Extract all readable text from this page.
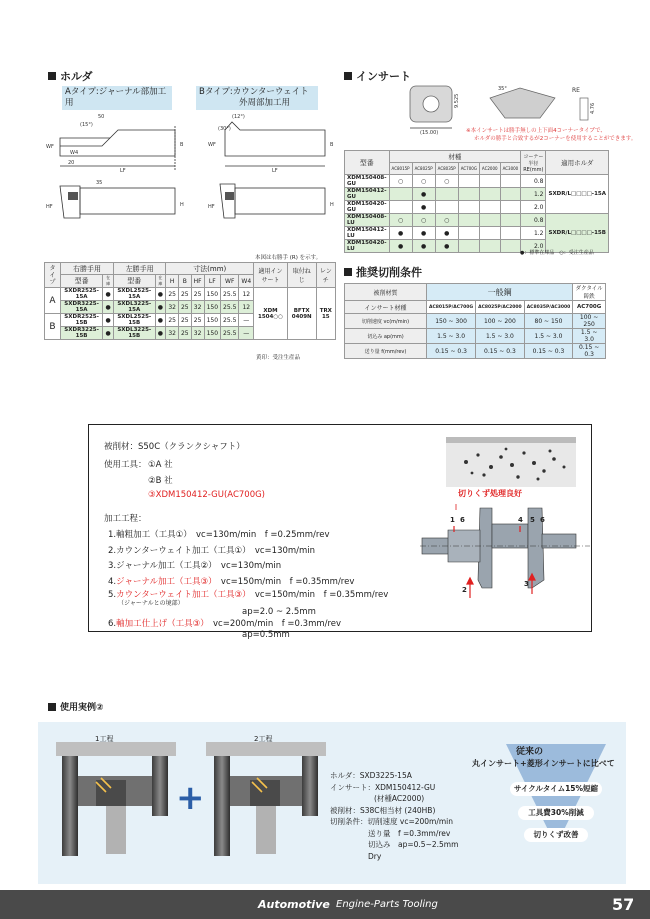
ホルダ
Aタイプ:ジャーナル部加工用
Bタイプ:カウンターウェイト
外周部加工用
50
(15°)
WF
W4
B
LF
20
HF	H
35
(12°)
WF	B
LF
(30°)
HF	H
本図は右勝手 (R) を示す。
タイプ	右勝手用		左勝手用		寸法(mm)						適用インサート	取付ねじ	レンチ
	型番	在庫	型番	在庫	H	B	HF	LF	WF	W4			
A	SXDR2525-15A	●	SXDL2525-15A	●	25	25	25	150	25.5	12	XDM 1504○○	BFTX 0409N	TRX 15
	SXDR3225-15A	●	SXDL3225-15A	●	32	25	32	150	25.5	12			
B	SXDR2525-15B	●	SXDL2525-15B	●	25	25	25	150	25.5	—			
	SXDR3225-15B	●	SXDL3225-15B	●	32	25	32	150	25.5	—			
黄印：受注生産品
インサート
(15.00)
9.525
35°	RE
4.76
※本インサートは勝手無しの上下面4コーナータイプで、
ホルダの勝手と合致するが2コーナーを使用することができます。
型番	材種						コーナー半径 RE(mm)	適用ホルダ
	AC8015P	AC8025P	AC8035P	AC700G	AC2000	AC3000		
XDM150408-GU	○	○	○				0.8	SXDR/L□□□□-15A
XDM150412-GU		●					1.2	
XDM150420-GU		●					2.0	
XDM150408-LU	○	○	○				0.8	SXDR/L□□□□-15B
XDM150412-LU	●	●	●				1.2	
XDM150420-LU	●	●	●				2.0	
●：標準在庫品　○：受注生産品
推奨切削条件
被削材質	一般鋼			ダクタイル鋳鉄
インサート材種	AC8015P/AC700G	AC8025P/AC2000	AC8035P/AC3000	AC700G
切削速度 vc(m/min)	150 ~ 300	100 ~ 200	80 ~ 150	100 ~ 250
切込み ap(mm)	1.5 ~ 3.0	1.5 ~ 3.0	1.5 ~ 3.0	1.5 ~ 3.0
送り量 f(mm/rev)	0.15 ~ 0.3	0.15 ~ 0.3	0.15 ~ 0.3	0.15 ~ 0.3
被削材：S50C（クランクシャフト）
使用工具： ①A 社
②B 社
③XDM150412-GU(AC700G)
加工工程：
1.軸粗加工（工具①）　 vc=130m/min　f =0.25mm/rev
2.カウンターウェイト加工（工具①）　 vc=130m/min
3.ジャーナル加工（工具②）　 vc=130m/min
4.ジャーナル加工（工具③）　 vc=150m/min　f =0.35mm/rev
5.カウンターウェイト加工（工具③）　 vc=150m/min　f =0.35mm/rev
（ジャーナルとの境部）
ap=2.0 ~ 2.5mm
6.軸加工仕上げ（工具③）　 vc=200m/min　f =0.3mm/rev
ap=0.5mm
切りくず処理良好
1 6	4 5 6
2
3
使用実例②
1工程	2工程
+
ホルダ：SXD3225-15A
インサート：XDM150412-GU
(材種AC2000)
被削材：S38C相当材 (240HB)
切削条件：切削速度 vc=200m/min
送り量　f =0.3mm/rev
切込み　ap=0.5~2.5mm
Dry
従来の
丸インサート+菱形インサートに比べて
サイクルタイム15%短縮
工具費30%削減
切りくず改善
Automotive Engine-Parts Tooling	57
